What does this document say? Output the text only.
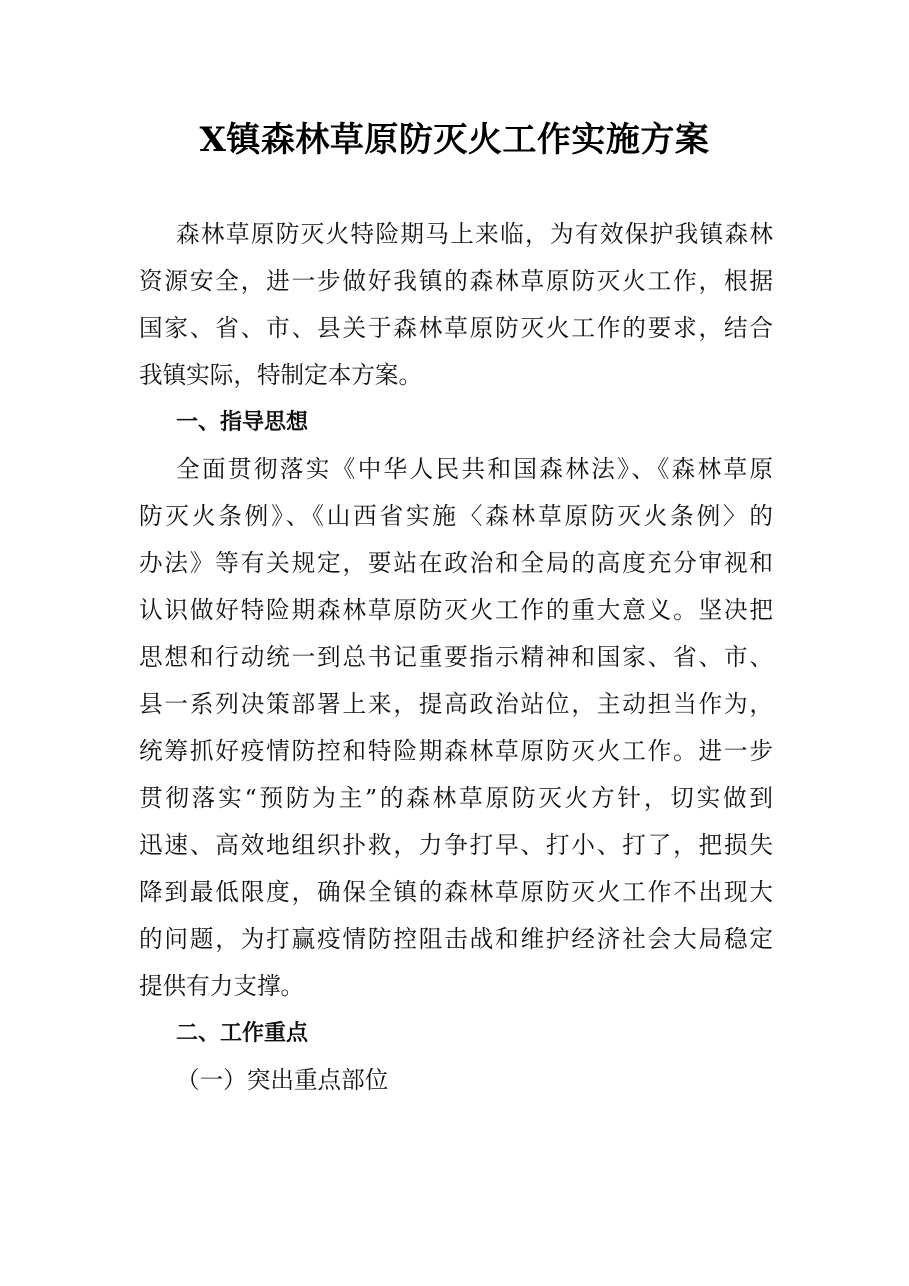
X镇森林草原防灭火工作实施方案
森林草原防灭火特险期马上来临，为有效保护我镇森林
资源安全，进一步做好我镇的森林草原防灭火工作，根据
国家、省、市、县关于森林草原防灭火工作的要求，结合
我镇实际，特制定本方案。
一、指导思想
全面贯彻落实《中华人民共和国森林法》、《森林草原
防灭火条例》、《山西省实施〈森林草原防灭火条例〉的
办法》等有关规定，要站在政治和全局的高度充分审视和
认识做好特险期森林草原防灭火工作的重大意义。坚决把
思想和行动统一到总书记重要指示精神和国家、省、市、
县一系列决策部署上来，提高政治站位，主动担当作为，
统筹抓好疫情防控和特险期森林草原防灭火工作。进一步
贯彻落实“预防为主”的森林草原防灭火方针，切实做到
迅速、高效地组织扑救，力争打早、打小、打了，把损失
降到最低限度，确保全镇的森林草原防灭火工作不出现大
的问题，为打赢疫情防控阻击战和维护经济社会大局稳定
提供有力支撑。
二、工作重点
（一）突出重点部位
